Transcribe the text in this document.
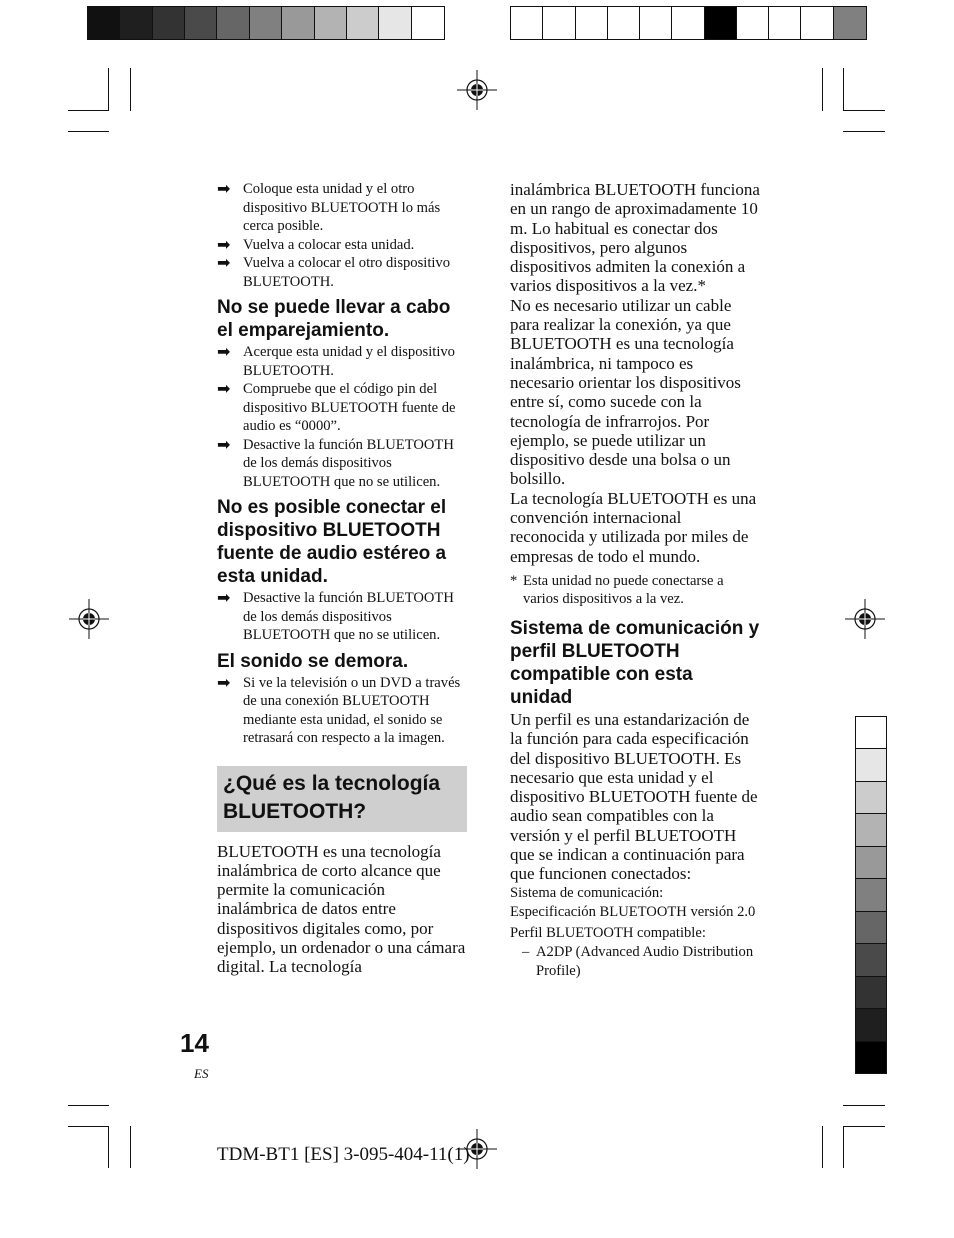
➡ Coloque esta unidad y el otro dispositivo BLUETOOTH lo más cerca posible.
➡ Vuelva a colocar esta unidad.
➡ Vuelva a colocar el otro dispositivo BLUETOOTH.
No se puede llevar a cabo el emparejamiento.
➡ Acerque esta unidad y el dispositivo BLUETOOTH.
➡ Compruebe que el código pin del dispositivo BLUETOOTH fuente de audio es “0000”.
➡ Desactive la función BLUETOOTH de los demás dispositivos BLUETOOTH que no se utilicen.
No es posible conectar el dispositivo BLUETOOTH fuente de audio estéreo a esta unidad.
➡ Desactive la función BLUETOOTH de los demás dispositivos BLUETOOTH que no se utilicen.
El sonido se demora.
➡ Si ve la televisión o un DVD a través de una conexión BLUETOOTH mediante esta unidad, el sonido se retrasará con respecto a la imagen.
¿Qué es la tecnología BLUETOOTH?
BLUETOOTH es una tecnología inalámbrica de corto alcance que permite la comunicación inalámbrica de datos entre dispositivos digitales como, por ejemplo, un ordenador o una cámara digital. La tecnología
inalámbrica BLUETOOTH funciona en un rango de aproximadamente 10 m. Lo habitual es conectar dos dispositivos, pero algunos dispositivos admiten la conexión a varios dispositivos a la vez.*
No es necesario utilizar un cable para realizar la conexión, ya que BLUETOOTH es una tecnología inalámbrica, ni tampoco es necesario orientar los dispositivos entre sí, como sucede con la tecnología de infrarrojos. Por ejemplo, se puede utilizar un dispositivo desde una bolsa o un bolsillo.
La tecnología BLUETOOTH es una convención internacional reconocida y utilizada por miles de empresas de todo el mundo.
* Esta unidad no puede conectarse a varios dispositivos a la vez.
Sistema de comunicación y perfil BLUETOOTH compatible con esta unidad
Un perfil es una estandarización de la función para cada especificación del dispositivo BLUETOOTH. Es necesario que esta unidad y el dispositivo BLUETOOTH fuente de audio sean compatibles con la versión y el perfil BLUETOOTH que se indican a continuación para que funcionen conectados:
Sistema de comunicación:
Especificación BLUETOOTH versión 2.0
Perfil BLUETOOTH compatible:
– A2DP (Advanced Audio Distribution Profile)
14
ES
TDM-BT1 [ES] 3-095-404-11(1)
